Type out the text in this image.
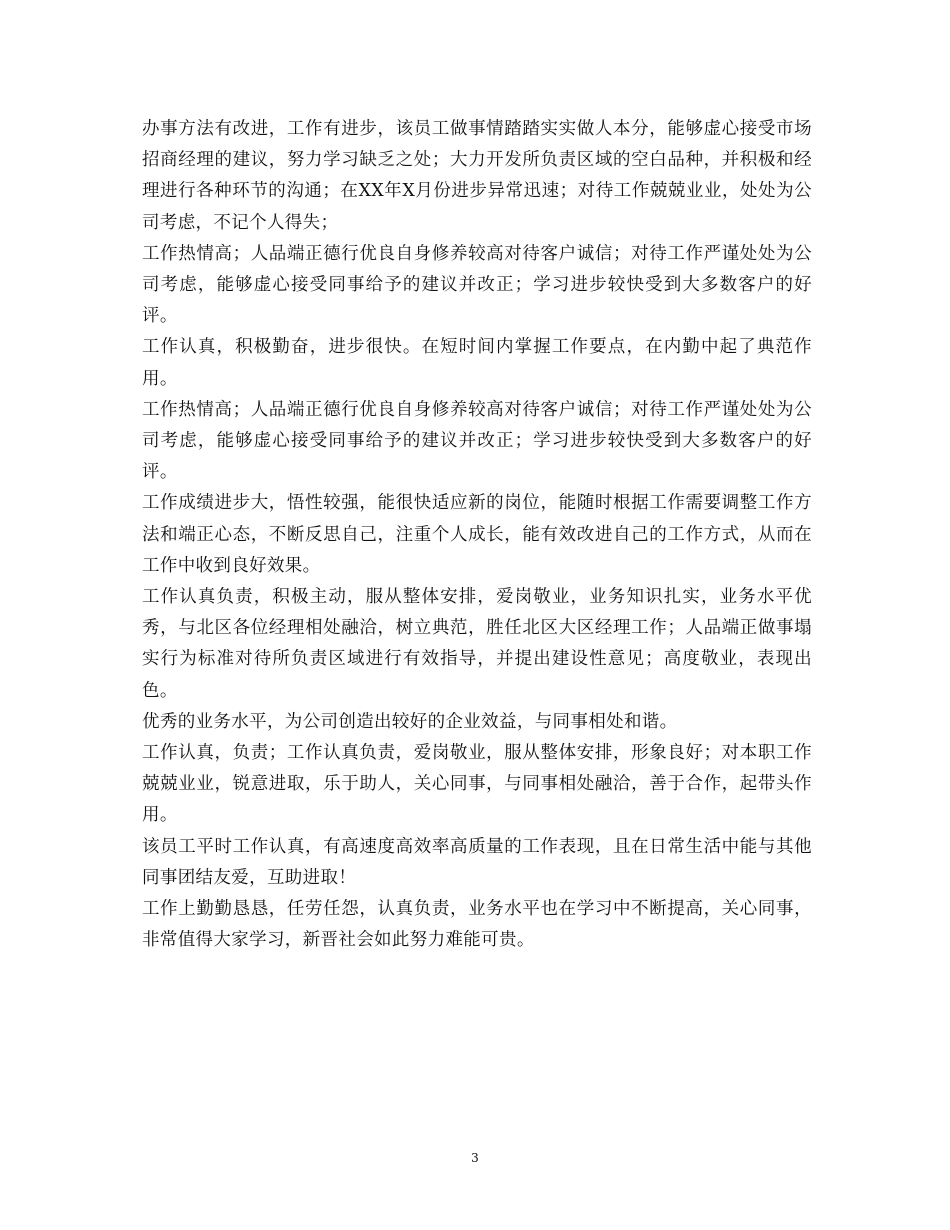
办事方法有改进，工作有进步，该员工做事情踏踏实实做人本分，能够虚心接受市场招商经理的建议，努力学习缺乏之处；大力开发所负责区域的空白品种，并积极和经理进行各种环节的沟通；在XX年X月份进步异常迅速；对待工作兢兢业业，处处为公司考虑，不记个人得失；

工作热情高；人品端正德行优良自身修养较高对待客户诚信；对待工作严谨处处为公司考虑，能够虚心接受同事给予的建议并改正；学习进步较快受到大多数客户的好评。

工作认真，积极勤奋，进步很快。在短时间内掌握工作要点，在内勤中起了典范作用。

工作热情高；人品端正德行优良自身修养较高对待客户诚信；对待工作严谨处处为公司考虑，能够虚心接受同事给予的建议并改正；学习进步较快受到大多数客户的好评。

工作成绩进步大，悟性较强，能很快适应新的岗位，能随时根据工作需要调整工作方法和端正心态，不断反思自己，注重个人成长，能有效改进自己的工作方式，从而在工作中收到良好效果。

工作认真负责，积极主动，服从整体安排，爱岗敬业，业务知识扎实，业务水平优秀，与北区各位经理相处融洽，树立典范，胜任北区大区经理工作；人品端正做事塌实行为标准对待所负责区域进行有效指导，并提出建设性意见；高度敬业，表现出色。

优秀的业务水平，为公司创造出较好的企业效益，与同事相处和谐。

工作认真，负责；工作认真负责，爱岗敬业，服从整体安排，形象良好；对本职工作兢兢业业，锐意进取，乐于助人，关心同事，与同事相处融洽，善于合作，起带头作用。

该员工平时工作认真，有高速度高效率高质量的工作表现，且在日常生活中能与其他同事团结友爱，互助进取！

工作上勤勤恳恳，任劳任怨，认真负责，业务水平也在学习中不断提高，关心同事，非常值得大家学习，新晋社会如此努力难能可贵。

3
